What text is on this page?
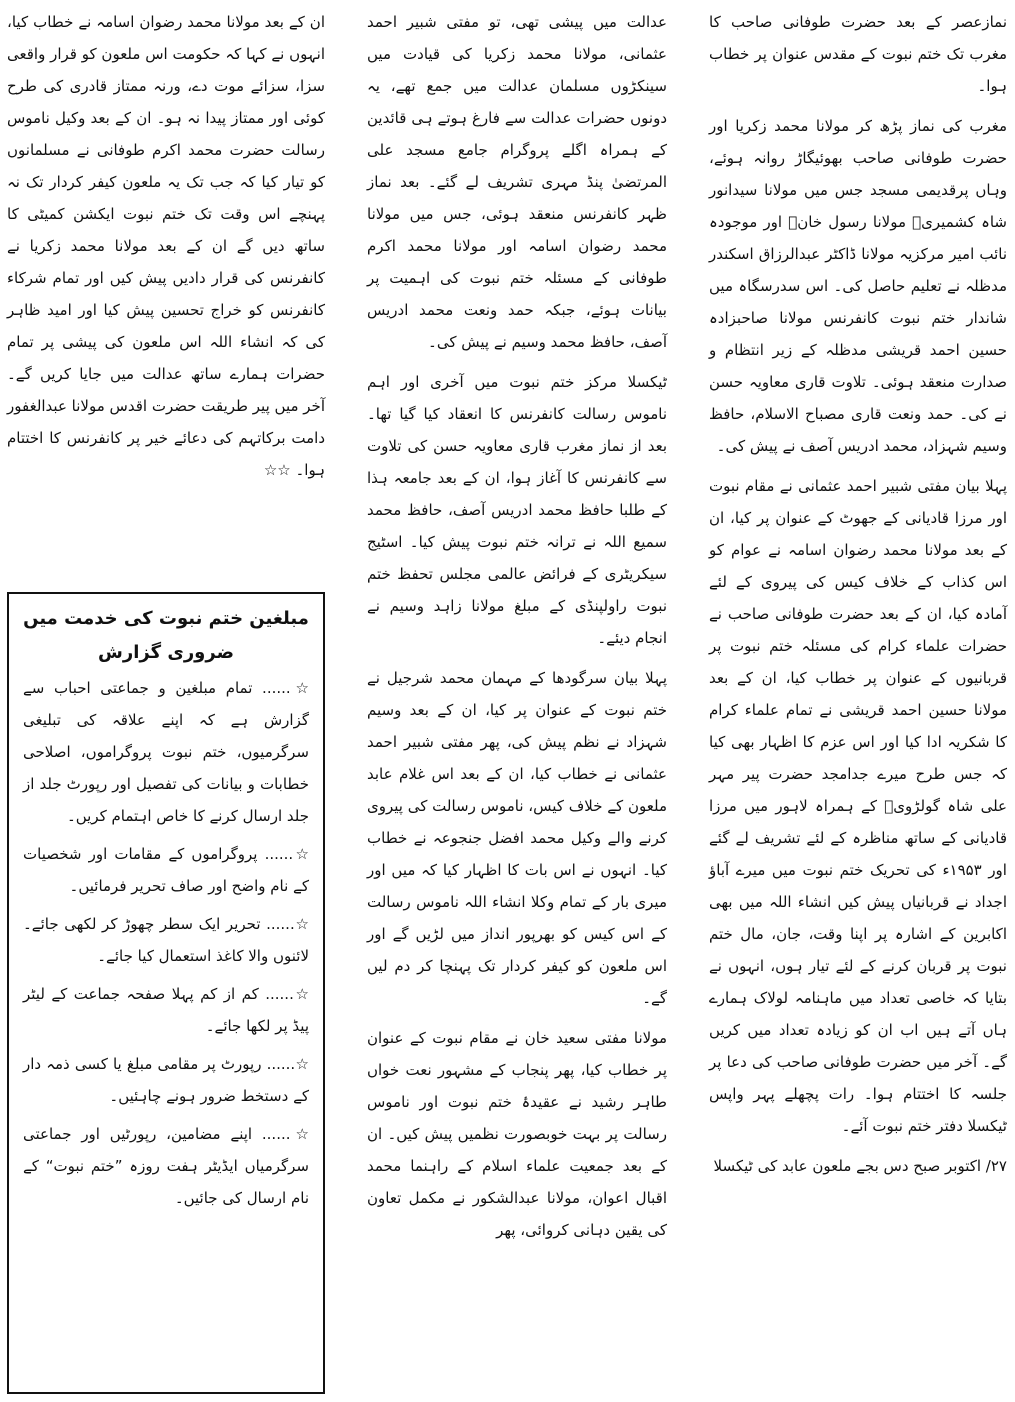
نمازعصر کے بعد حضرت طوفانی صاحب کا مغرب تک ختم نبوت کے مقدس عنوان پر خطاب ہوا۔

مغرب کی نماز پڑھ کر مولانا محمد زکریا اور حضرت طوفانی صاحب بھوئیگاڑ روانہ ہوئے، وہاں پرقدیمی مسجد جس میں مولانا سیدانور شاہ کشمیریؒ مولانا رسول خانؒ اور موجودہ نائب امیر مرکزیہ مولانا ڈاکٹر عبدالرزاق اسکندر مدظلہ نے تعلیم حاصل کی۔ اس سدرسگاہ میں شاندار ختم نبوت کانفرنس مولانا صاحبزادہ حسین احمد قریشی مدظلہ کے زیر انتظام و صدارت منعقد ہوئی۔ تلاوت قاری معاویہ حسن نے کی۔ حمد ونعت قاری مصباح الاسلام، حافظ وسیم شہزاد، محمد ادریس آصف نے پیش کی۔

پہلا بیان مفتی شبیر احمد عثمانی نے مقام نبوت اور مرزا قادیانی کے جھوٹ کے عنوان پر کیا، ان کے بعد مولانا محمد رضوان اسامہ نے عوام کو اس کذاب کے خلاف کیس کی پیروی کے لئے آمادہ کیا، ان کے بعد حضرت طوفانی صاحب نے حضرات علماء کرام کی مسئلہ ختم نبوت پر قربانیوں کے عنوان پر خطاب کیا، ان کے بعد مولانا حسین احمد قریشی نے تمام علماء کرام کا شکریہ ادا کیا اور اس عزم کا اظہار بھی کیا کہ جس طرح میرے جدامجد حضرت پیر مہر علی شاہ گولڑویؒ کے ہمراہ لاہور میں مرزا قادیانی کے ساتھ مناظرہ کے لئے تشریف لے گئے اور ۱۹۵۳ء کی تحریک ختم نبوت میں میرے آباؤ اجداد نے قربانیاں پیش کیں انشاء اللہ میں بھی اکابرین کے اشارہ پر اپنا وقت، جان، مال ختم نبوت پر قربان کرنے کے لئے تیار ہوں، انہوں نے بتایا کہ خاصی تعداد میں ماہنامہ لولاک ہمارے ہاں آتے ہیں اب ان کو زیادہ تعداد میں کریں گے۔ آخر میں حضرت طوفانی صاحب کی دعا پر جلسہ کا اختتام ہوا۔ رات پچھلے پہر واپس ٹیکسلا دفتر ختم نبوت آئے۔

۲۷/ اکتوبر صبح دس بجے ملعون عابد کی ٹیکسلا

عدالت میں پیشی تھی، تو مفتی شبیر احمد عثمانی، مولانا محمد زکریا کی قیادت میں سینکڑوں مسلمان عدالت میں جمع تھے، یہ دونوں حضرات عدالت سے فارغ ہوتے ہی قائدین کے ہمراہ اگلے پروگرام جامع مسجد علی المرتضیٰ پنڈ مہری تشریف لے گئے۔ بعد نماز ظہر کانفرنس منعقد ہوئی، جس میں مولانا محمد رضوان اسامہ اور مولانا محمد اکرم طوفانی کے مسئلہ ختم نبوت کی اہمیت پر بیانات ہوئے، جبکہ حمد ونعت محمد ادریس آصف، حافظ محمد وسیم نے پیش کی۔

ٹیکسلا مرکز ختم نبوت میں آخری اور اہم ناموس رسالت کانفرنس کا انعقاد کیا گیا تھا۔ بعد از نماز مغرب قاری معاویہ حسن کی تلاوت سے کانفرنس کا آغاز ہوا، ان کے بعد جامعہ ہذا کے طلبا حافظ محمد ادریس آصف، حافظ محمد سمیع اللہ نے ترانہ ختم نبوت پیش کیا۔ اسٹیج سیکریٹری کے فرائض عالمی مجلس تحفظ ختم نبوت راولپنڈی کے مبلغ مولانا زاہد وسیم نے انجام دیئے۔

پہلا بیان سرگودھا کے مہمان محمد شرجیل نے ختم نبوت کے عنوان پر کیا، ان کے بعد وسیم شہزاد نے نظم پیش کی، پھر مفتی شبیر احمد عثمانی نے خطاب کیا، ان کے بعد اس غلام عابد ملعون کے خلاف کیس، ناموس رسالت کی پیروی کرنے والے وکیل محمد افضل جنجوعہ نے خطاب کیا۔ انہوں نے اس بات کا اظہار کیا کہ میں اور میری بار کے تمام وکلا انشاء اللہ ناموس رسالت کے اس کیس کو بھرپور انداز میں لڑیں گے اور اس ملعون کو کیفر کردار تک پہنچا کر دم لیں گے۔

مولانا مفتی سعید خان نے مقام نبوت کے عنوان پر خطاب کیا، پھر پنجاب کے مشہور نعت خواں طاہر رشید نے عقیدۂ ختم نبوت اور ناموس رسالت پر بہت خوبصورت نظمیں پیش کیں۔ ان کے بعد جمعیت علماء اسلام کے راہنما محمد اقبال اعوان، مولانا عبدالشکور نے مکمل تعاون کی یقین دہانی کروائی، پھر

ان کے بعد مولانا محمد رضوان اسامہ نے خطاب کیا، انہوں نے کہا کہ حکومت اس ملعون کو قرار واقعی سزا، سزائے موت دے، ورنہ ممتاز قادری کی طرح کوئی اور ممتاز پیدا نہ ہو۔ ان کے بعد وکیل ناموس رسالت حضرت محمد اکرم طوفانی نے مسلمانوں کو تیار کیا کہ جب تک یہ ملعون کیفر کردار تک نہ پہنچے اس وقت تک ختم نبوت ایکشن کمیٹی کا ساتھ دیں گے ان کے بعد مولانا محمد زکریا نے کانفرنس کی قرار دادیں پیش کیں اور تمام شرکاء کانفرنس کو خراج تحسین پیش کیا اور امید ظاہر کی کہ انشاء اللہ اس ملعون کی پیشی پر تمام حضرات ہمارے ساتھ عدالت میں جایا کریں گے۔ آخر میں پیر طریقت حضرت اقدس مولانا عبدالغفور دامت برکاتہم کی دعائے خیر پر کانفرنس کا اختتام ہوا۔ ☆☆

مبلغین ختم نبوت کی خدمت میں ضروری گزارش

☆...... تمام مبلغین و جماعتی احباب سے گزارش ہے کہ اپنے علاقہ کی تبلیغی سرگرمیوں، ختم نبوت پروگراموں، اصلاحی خطابات و بیانات کی تفصیل اور رپورٹ جلد از جلد ارسال کرنے کا خاص اہتمام کریں۔

☆...... پروگراموں کے مقامات اور شخصیات کے نام واضح اور صاف تحریر فرمائیں۔

☆...... تحریر ایک سطر چھوڑ کر لکھی جائے۔ لائنوں والا کاغذ استعمال کیا جائے۔

☆...... کم از کم پہلا صفحہ جماعت کے لیٹر پیڈ پر لکھا جائے۔

☆...... رپورٹ پر مقامی مبلغ یا کسی ذمہ دار کے دستخط ضرور ہونے چاہئیں۔

☆...... اپنے مضامین، رپورٹیں اور جماعتی سرگرمیاں ایڈیٹر ہفت روزہ ”ختم نبوت“ کے نام ارسال کی جائیں۔
